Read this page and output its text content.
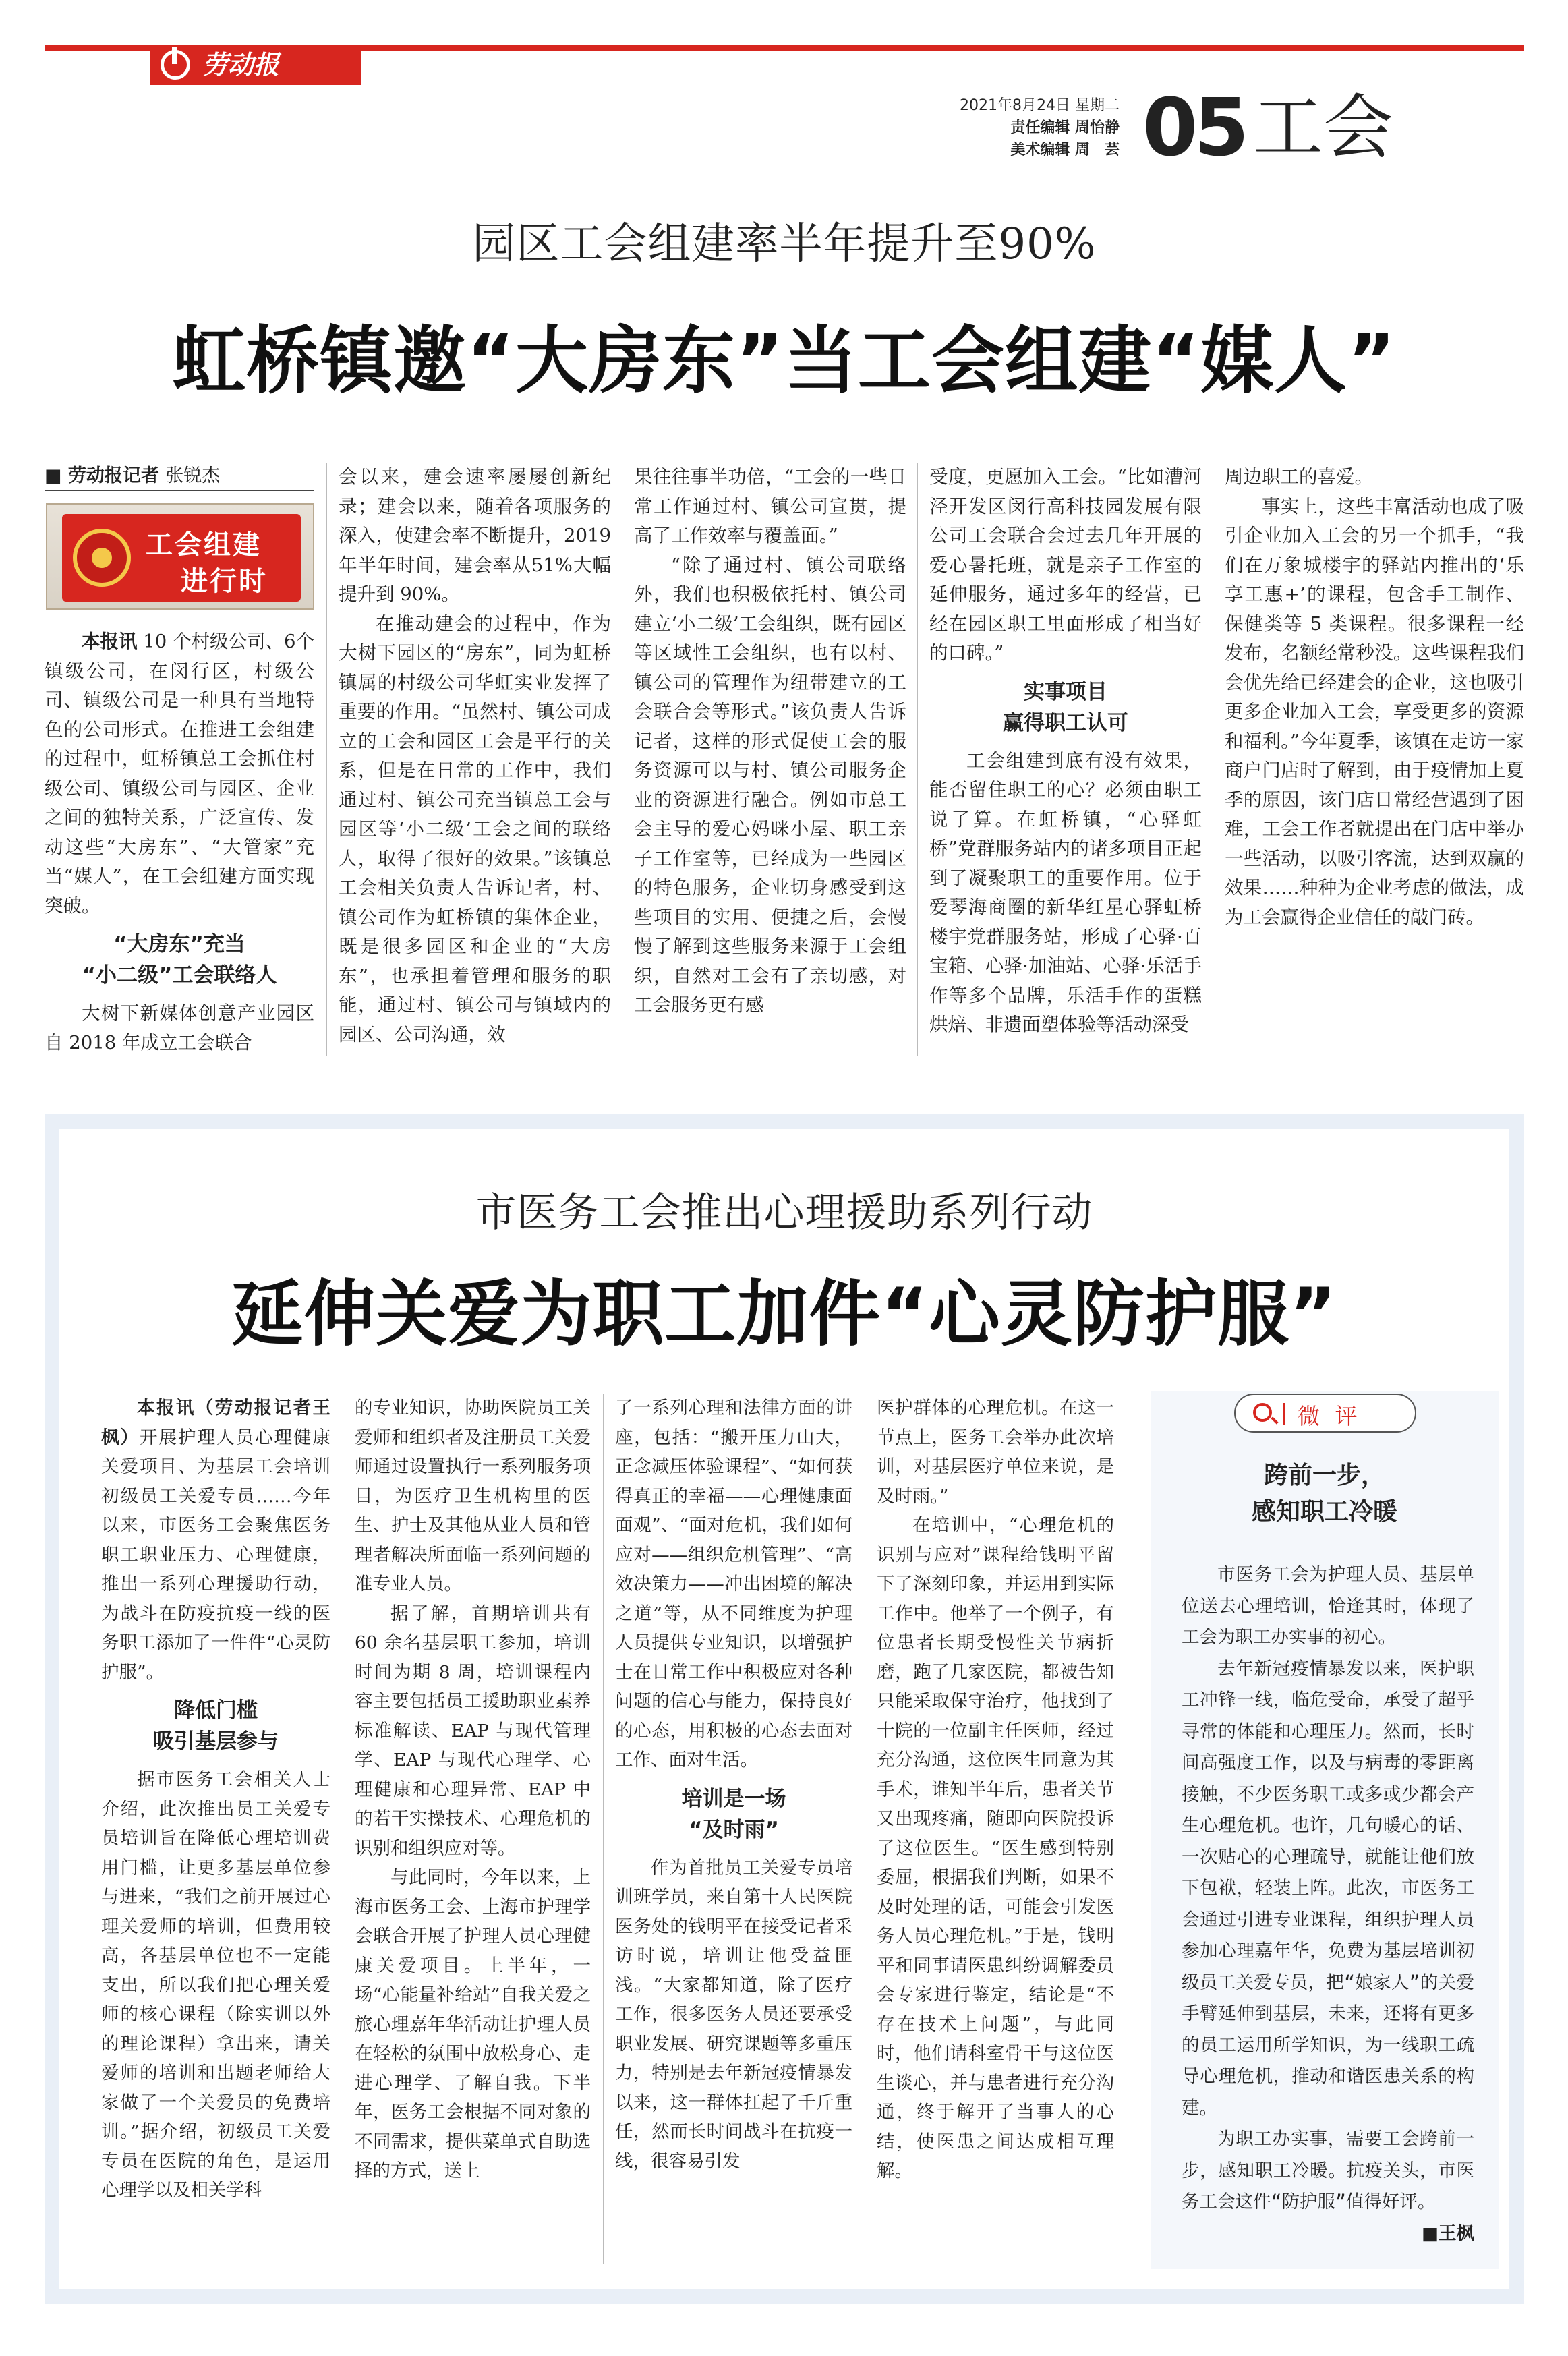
劳动报
2021年8月24日 星期二
责任编辑 周怡静
美术编辑 周　芸 05 工会
园区工会组建率半年提升至90%
虹桥镇邀“大房东”当工会组建“媒人”
■ 劳动报记者 张锐杰
工会组建
进行时

本报讯 10 个村级公司、6个镇级公司，在闵行区，村级公司、镇级公司是一种具有当地特色的公司形式。在推进工会组建的过程中，虹桥镇总工会抓住村级公司、镇级公司与园区、企业之间的独特关系，广泛宣传、发动这些“大房东”、“大管家”充当“媒人”，在工会组建方面实现突破。

“大房东”充当
“小二级”工会联络人

大树下新媒体创意产业园区自 2018 年成立工会联合

会以来，建会速率屡屡创新纪录；建会以来，随着各项服务的深入，使建会率不断提升，2019 年半年时间，建会率从51%大幅提升到 90%。

在推动建会的过程中，作为大树下园区的“房东”，同为虹桥镇属的村级公司华虹实业发挥了重要的作用。“虽然村、镇公司成立的工会和园区工会是平行的关系，但是在日常的工作中，我们通过村、镇公司充当镇总工会与园区等‘小二级’工会之间的联络人，取得了很好的效果。”该镇总工会相关负责人告诉记者，村、镇公司作为虹桥镇的集体企业，既是很多园区和企业的“大房东”，也承担着管理和服务的职能，通过村、镇公司与镇域内的园区、公司沟通，效

果往往事半功倍，“工会的一些日常工作通过村、镇公司宣贯，提高了工作效率与覆盖面。”

“除了通过村、镇公司联络外，我们也积极依托村、镇公司建立‘小二级’工会组织，既有园区等区域性工会组织，也有以村、镇公司的管理作为纽带建立的工会联合会等形式。”该负责人告诉记者，这样的形式促使工会的服务资源可以与村、镇公司服务企业的资源进行融合。例如市总工会主导的爱心妈咪小屋、职工亲子工作室等，已经成为一些园区的特色服务，企业切身感受到这些项目的实用、便捷之后，会慢慢了解到这些服务来源于工会组织，自然对工会有了亲切感，对工会服务更有感

受度，更愿加入工会。“比如漕河泾开发区闵行高科技园发展有限公司工会联合会过去几年开展的爱心暑托班，就是亲子工作室的延伸服务，通过多年的经营，已经在园区职工里面形成了相当好的口碑。”

实事项目
赢得职工认可

工会组建到底有没有效果，能否留住职工的心？必须由职工说了算。在虹桥镇，“心驿虹桥”党群服务站内的诸多项目正起到了凝聚职工的重要作用。位于爱琴海商圈的新华红星心驿虹桥楼宇党群服务站，形成了心驿·百宝箱、心驿·加油站、心驿·乐活手作等多个品牌，乐活手作的蛋糕烘焙、非遗面塑体验等活动深受

周边职工的喜爱。

事实上，这些丰富活动也成了吸引企业加入工会的另一个抓手，“我们在万象城楼宇的驿站内推出的‘乐享工惠+’的课程，包含手工制作、保健类等 5 类课程。很多课程一经发布，名额经常秒没。这些课程我们会优先给已经建会的企业，这也吸引更多企业加入工会，享受更多的资源和福利。”今年夏季，该镇在走访一家商户门店时了解到，由于疫情加上夏季的原因，该门店日常经营遇到了困难，工会工作者就提出在门店中举办一些活动，以吸引客流，达到双赢的效果……种种为企业考虑的做法，成为工会赢得企业信任的敲门砖。

市医务工会推出心理援助系列行动
延伸关爱为职工加件“心灵防护服”

本报讯（劳动报记者王枫）开展护理人员心理健康关爱项目、为基层工会培训初级员工关爱专员……今年以来，市医务工会聚焦医务职工职业压力、心理健康，推出一系列心理援助行动，为战斗在防疫抗疫一线的医务职工添加了一件件“心灵防护服”。

降低门槛
吸引基层参与

据市医务工会相关人士介绍，此次推出员工关爱专员培训旨在降低心理培训费用门槛，让更多基层单位参与进来，“我们之前开展过心理关爱师的培训，但费用较高，各基层单位也不一定能支出，所以我们把心理关爱师的核心课程（除实训以外的理论课程）拿出来，请关爱师的培训和出题老师给大家做了一个关爱员的免费培训。”据介绍，初级员工关爱专员在医院的角色，是运用心理学以及相关学科

的专业知识，协助医院员工关爱师和组织者及注册员工关爱师通过设置执行一系列服务项目，为医疗卫生机构里的医生、护士及其他从业人员和管理者解决所面临一系列问题的准专业人员。

据了解，首期培训共有 60 余名基层职工参加，培训时间为期 8 周，培训课程内容主要包括员工援助职业素养标准解读、EAP 与现代管理学、EAP 与现代心理学、心理健康和心理异常、EAP 中的若干实操技术、心理危机的识别和组织应对等。

与此同时，今年以来，上海市医务工会、上海市护理学会联合开展了护理人员心理健康关爱项目。上半年，一场“心能量补给站”自我关爱之旅心理嘉年华活动让护理人员在轻松的氛围中放松身心、走进心理学、了解自我。下半年，医务工会根据不同对象的不同需求，提供菜单式自助选择的方式，送上

了一系列心理和法律方面的讲座，包括：“搬开压力山大，正念减压体验课程”、“如何获得真正的幸福——心理健康面面观”、“面对危机，我们如何应对——组织危机管理”、“高效决策力——冲出困境的解决之道”等，从不同维度为护理人员提供专业知识，以增强护士在日常工作中积极应对各种问题的信心与能力，保持良好的心态，用积极的心态去面对工作、面对生活。

培训是一场
“及时雨”

作为首批员工关爱专员培训班学员，来自第十人民医院医务处的钱明平在接受记者采访时说，培训让他受益匪浅。“大家都知道，除了医疗工作，很多医务人员还要承受职业发展、研究课题等多重压力，特别是去年新冠疫情暴发以来，这一群体扛起了千斤重任，然而长时间战斗在抗疫一线，很容易引发

医护群体的心理危机。在这一节点上，医务工会举办此次培训，对基层医疗单位来说，是及时雨。”

在培训中，“心理危机的识别与应对”课程给钱明平留下了深刻印象，并运用到实际工作中。他举了一个例子，有位患者长期受慢性关节病折磨，跑了几家医院，都被告知只能采取保守治疗，他找到了十院的一位副主任医师，经过充分沟通，这位医生同意为其手术，谁知半年后，患者关节又出现疼痛，随即向医院投诉了这位医生。“医生感到特别委屈，根据我们判断，如果不及时处理的话，可能会引发医务人员心理危机。”于是，钱明平和同事请医患纠纷调解委员会专家进行鉴定，结论是“不存在技术上问题”，与此同时，他们请科室骨干与这位医生谈心，并与患者进行充分沟通，终于解开了当事人的心结，使医患之间达成相互理解。

微 评
跨前一步，
感知职工冷暖

市医务工会为护理人员、基层单位送去心理培训，恰逢其时，体现了工会为职工办实事的初心。

去年新冠疫情暴发以来，医护职工冲锋一线，临危受命，承受了超乎寻常的体能和心理压力。然而，长时间高强度工作，以及与病毒的零距离接触，不少医务职工或多或少都会产生心理危机。也许，几句暖心的话、一次贴心的心理疏导，就能让他们放下包袱，轻装上阵。此次，市医务工会通过引进专业课程，组织护理人员参加心理嘉年华，免费为基层培训初级员工关爱专员，把“娘家人”的关爱手臂延伸到基层，未来，还将有更多的员工运用所学知识，为一线职工疏导心理危机，推动和谐医患关系的构建。

为职工办实事，需要工会跨前一步，感知职工冷暖。抗疫关头，市医务工会这件“防护服”值得好评。

■王枫
